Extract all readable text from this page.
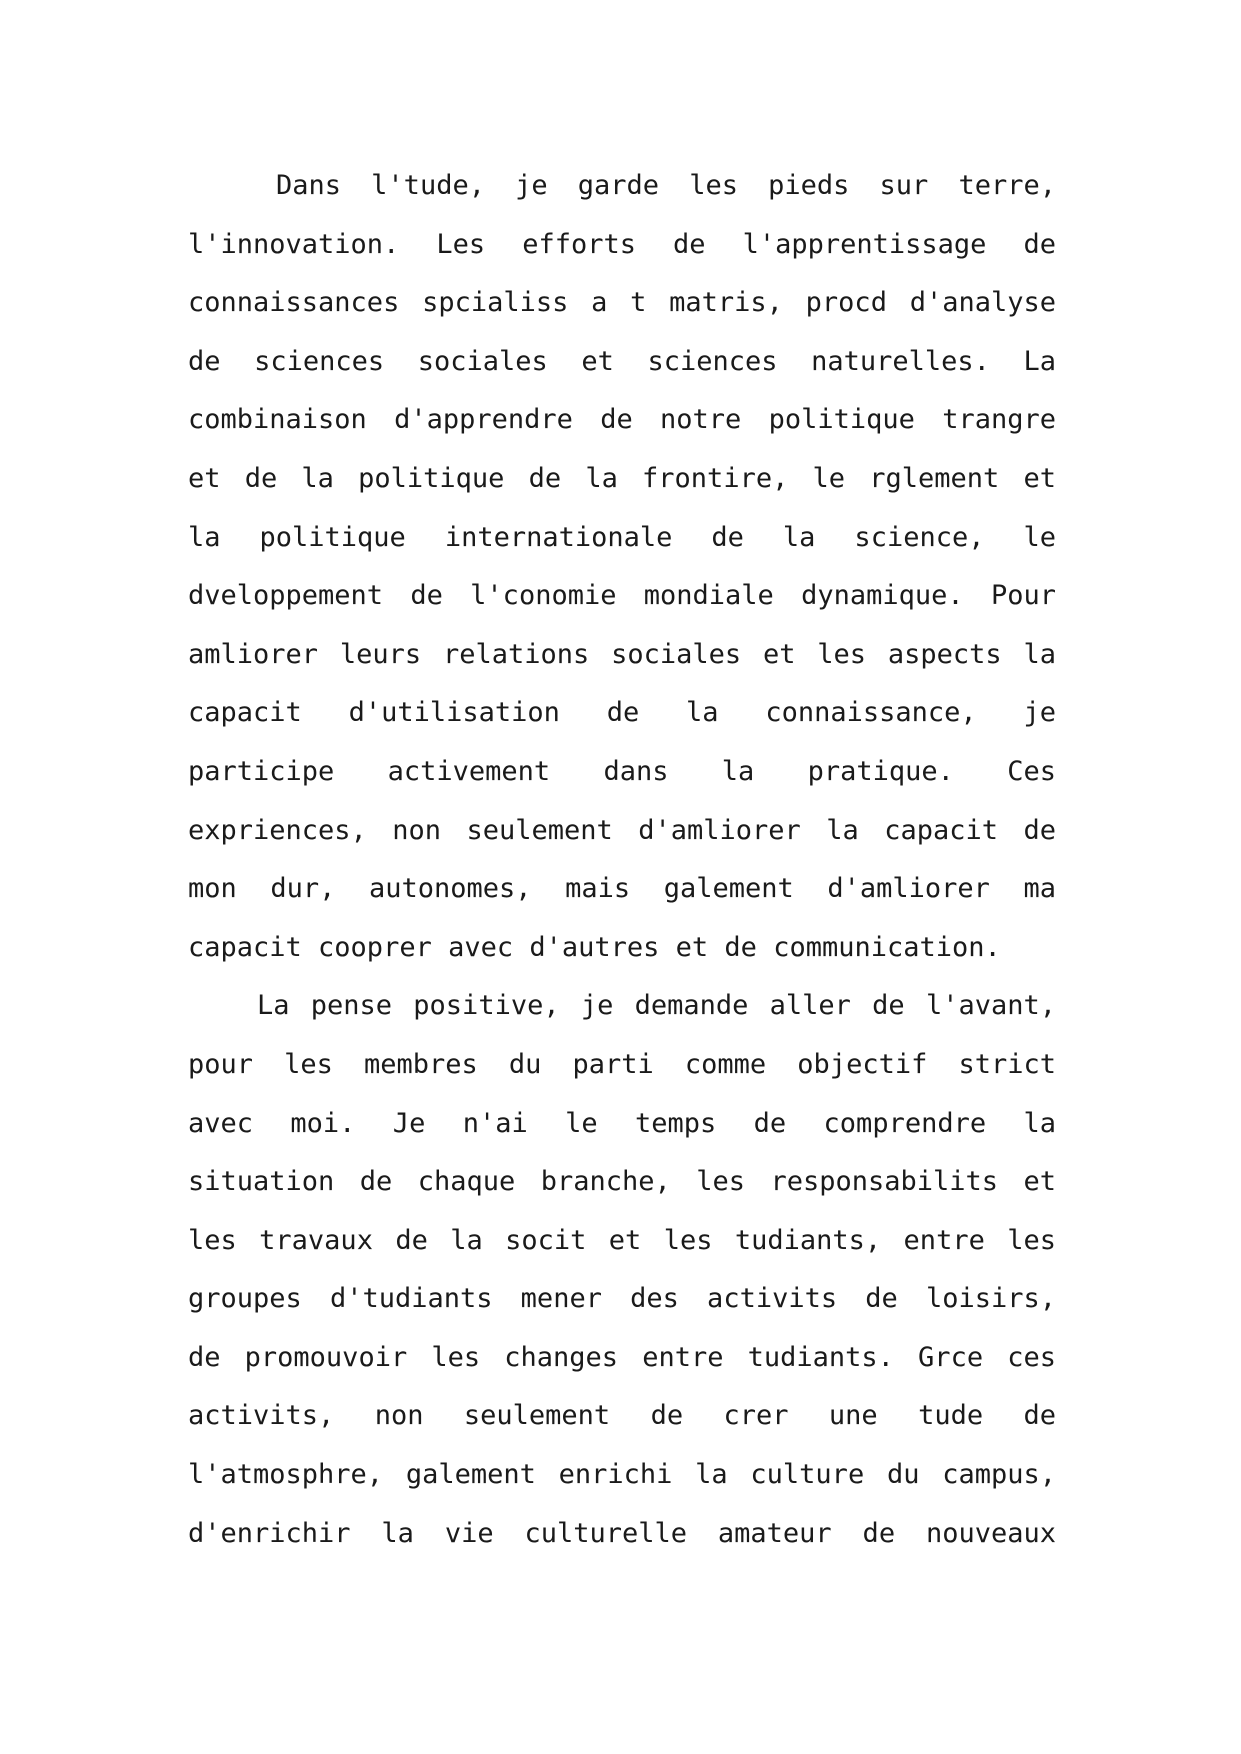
Dans l'tude, je garde les pieds sur terre,
l'innovation. Les efforts de l'apprentissage de
connaissances spcialiss a t matris, procd d'analyse
de sciences sociales et sciences naturelles. La
combinaison d'apprendre de notre politique trangre
et de la politique de la frontire, le rglement et
la politique internationale de la science, le
dveloppement de l'conomie mondiale dynamique. Pour
amliorer leurs relations sociales et les aspects la
capacit d'utilisation de la connaissance, je
participe activement dans la pratique. Ces
expriences, non seulement d'amliorer la capacit de
mon dur, autonomes, mais galement d'amliorer ma
capacit cooprer avec d'autres et de communication.
La pense positive, je demande aller de l'avant,
pour les membres du parti comme objectif strict
avec moi. Je n'ai le temps de comprendre la
situation de chaque branche, les responsabilits et
les travaux de la socit et les tudiants, entre les
groupes d'tudiants mener des activits de loisirs,
de promouvoir les changes entre tudiants. Grce ces
activits, non seulement de crer une tude de
l'atmosphre, galement enrichi la culture du campus,
d'enrichir la vie culturelle amateur de nouveaux
